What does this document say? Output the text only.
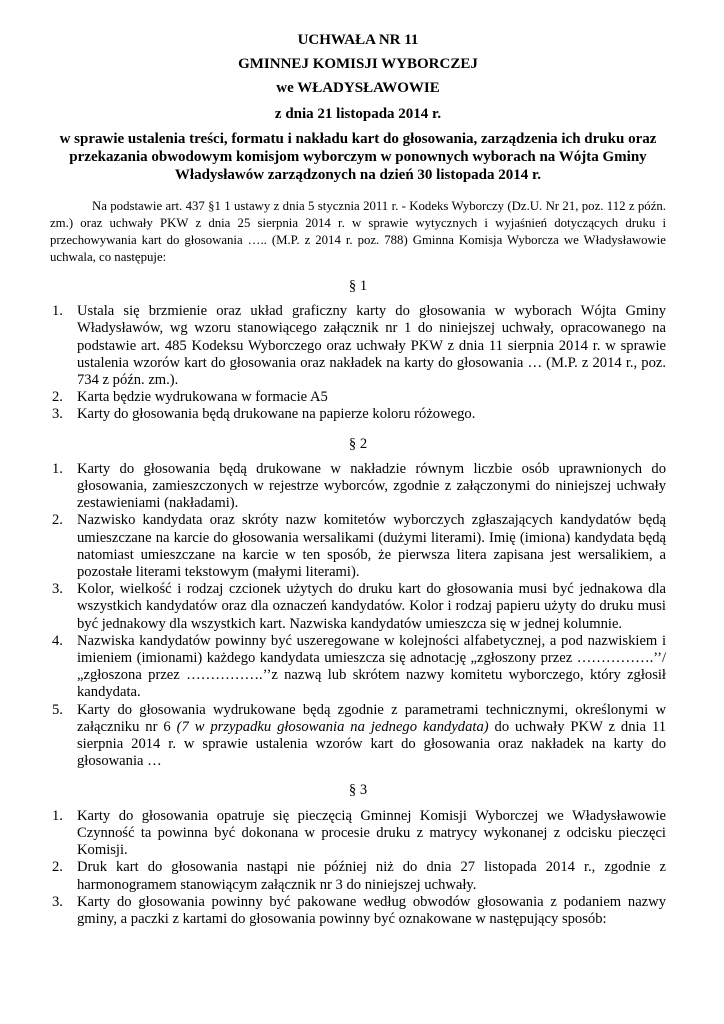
UCHWAŁA NR 11

GMINNEJ KOMISJI WYBORCZEJ

we WŁADYSŁAWOWIE

z dnia 21 listopada 2014 r.

w sprawie ustalenia treści, formatu i nakładu kart do głosowania, zarządzenia ich druku oraz przekazania obwodowym komisjom wyborczym w ponownych wyborach na Wójta Gminy Władysławów zarządzonych na dzień 30 listopada 2014 r.

Na podstawie art. 437 §1 1 ustawy z dnia 5 stycznia 2011 r. - Kodeks Wyborczy (Dz.U. Nr 21, poz. 112 z późn. zm.) oraz uchwały PKW z dnia 25 sierpnia 2014 r. w sprawie wytycznych i wyjaśnień dotyczących druku i przechowywania kart do głosowania ….. (M.P. z 2014 r. poz. 788) Gminna Komisja Wyborcza we Władysławowie uchwala, co następuje:

§ 1

1. Ustala się brzmienie oraz układ graficzny karty do głosowania w wyborach Wójta Gminy Władysławów, wg wzoru stanowiącego załącznik nr 1 do niniejszej uchwały, opracowanego na podstawie art. 485 Kodeksu Wyborczego oraz uchwały PKW z dnia 11 sierpnia 2014 r. w sprawie ustalenia wzorów kart do głosowania oraz nakładek na karty do głosowania … (M.P. z 2014 r., poz. 734 z późn. zm.).
2. Karta będzie wydrukowana w formacie A5
3. Karty do głosowania będą drukowane na papierze koloru różowego.

§ 2

1. Karty do głosowania będą drukowane w nakładzie równym liczbie osób uprawnionych do głosowania, zamieszczonych w rejestrze wyborców, zgodnie z załączonymi do niniejszej uchwały zestawieniami (nakładami).
2. Nazwisko kandydata oraz skróty nazw komitetów wyborczych zgłaszających kandydatów będą umieszczane na karcie do głosowania wersalikami (dużymi literami). Imię (imiona) kandydata będą natomiast umieszczane na karcie w ten sposób, że pierwsza litera zapisana jest wersalikiem, a pozostałe literami tekstowym (małymi literami).
3. Kolor, wielkość i rodzaj czcionek użytych do druku kart do głosowania musi być jednakowa dla wszystkich kandydatów oraz dla oznaczeń kandydatów. Kolor i rodzaj papieru użyty do druku musi być jednakowy dla wszystkich kart. Nazwiska kandydatów umieszcza się w jednej kolumnie.
4. Nazwiska kandydatów powinny być uszeregowane w kolejności alfabetycznej, a pod nazwiskiem i imieniem (imionami) każdego kandydata umieszcza się adnotację „zgłoszony przez …………….’’/ „zgłoszona przez …………….’’z nazwą lub skrótem nazwy komitetu wyborczego, który zgłosił kandydata.
5. Karty do głosowania wydrukowane będą zgodnie z parametrami technicznymi, określonymi w załączniku nr 6 (7 w przypadku głosowania na jednego kandydata) do uchwały PKW z dnia 11 sierpnia 2014 r. w sprawie ustalenia wzorów kart do głosowania oraz nakładek na karty do głosowania …

§ 3

1. Karty do głosowania opatruje się pieczęcią Gminnej Komisji Wyborczej we Władysławowie Czynność ta powinna być dokonana w procesie druku z matrycy wykonanej z odcisku pieczęci Komisji.
2. Druk kart do głosowania nastąpi nie później niż do dnia 27 listopada 2014 r., zgodnie z harmonogramem stanowiącym załącznik nr 3 do niniejszej uchwały.
3. Karty do głosowania powinny być pakowane według obwodów głosowania z podaniem nazwy gminy, a paczki z kartami do głosowania powinny być oznakowane w następujący sposób:
